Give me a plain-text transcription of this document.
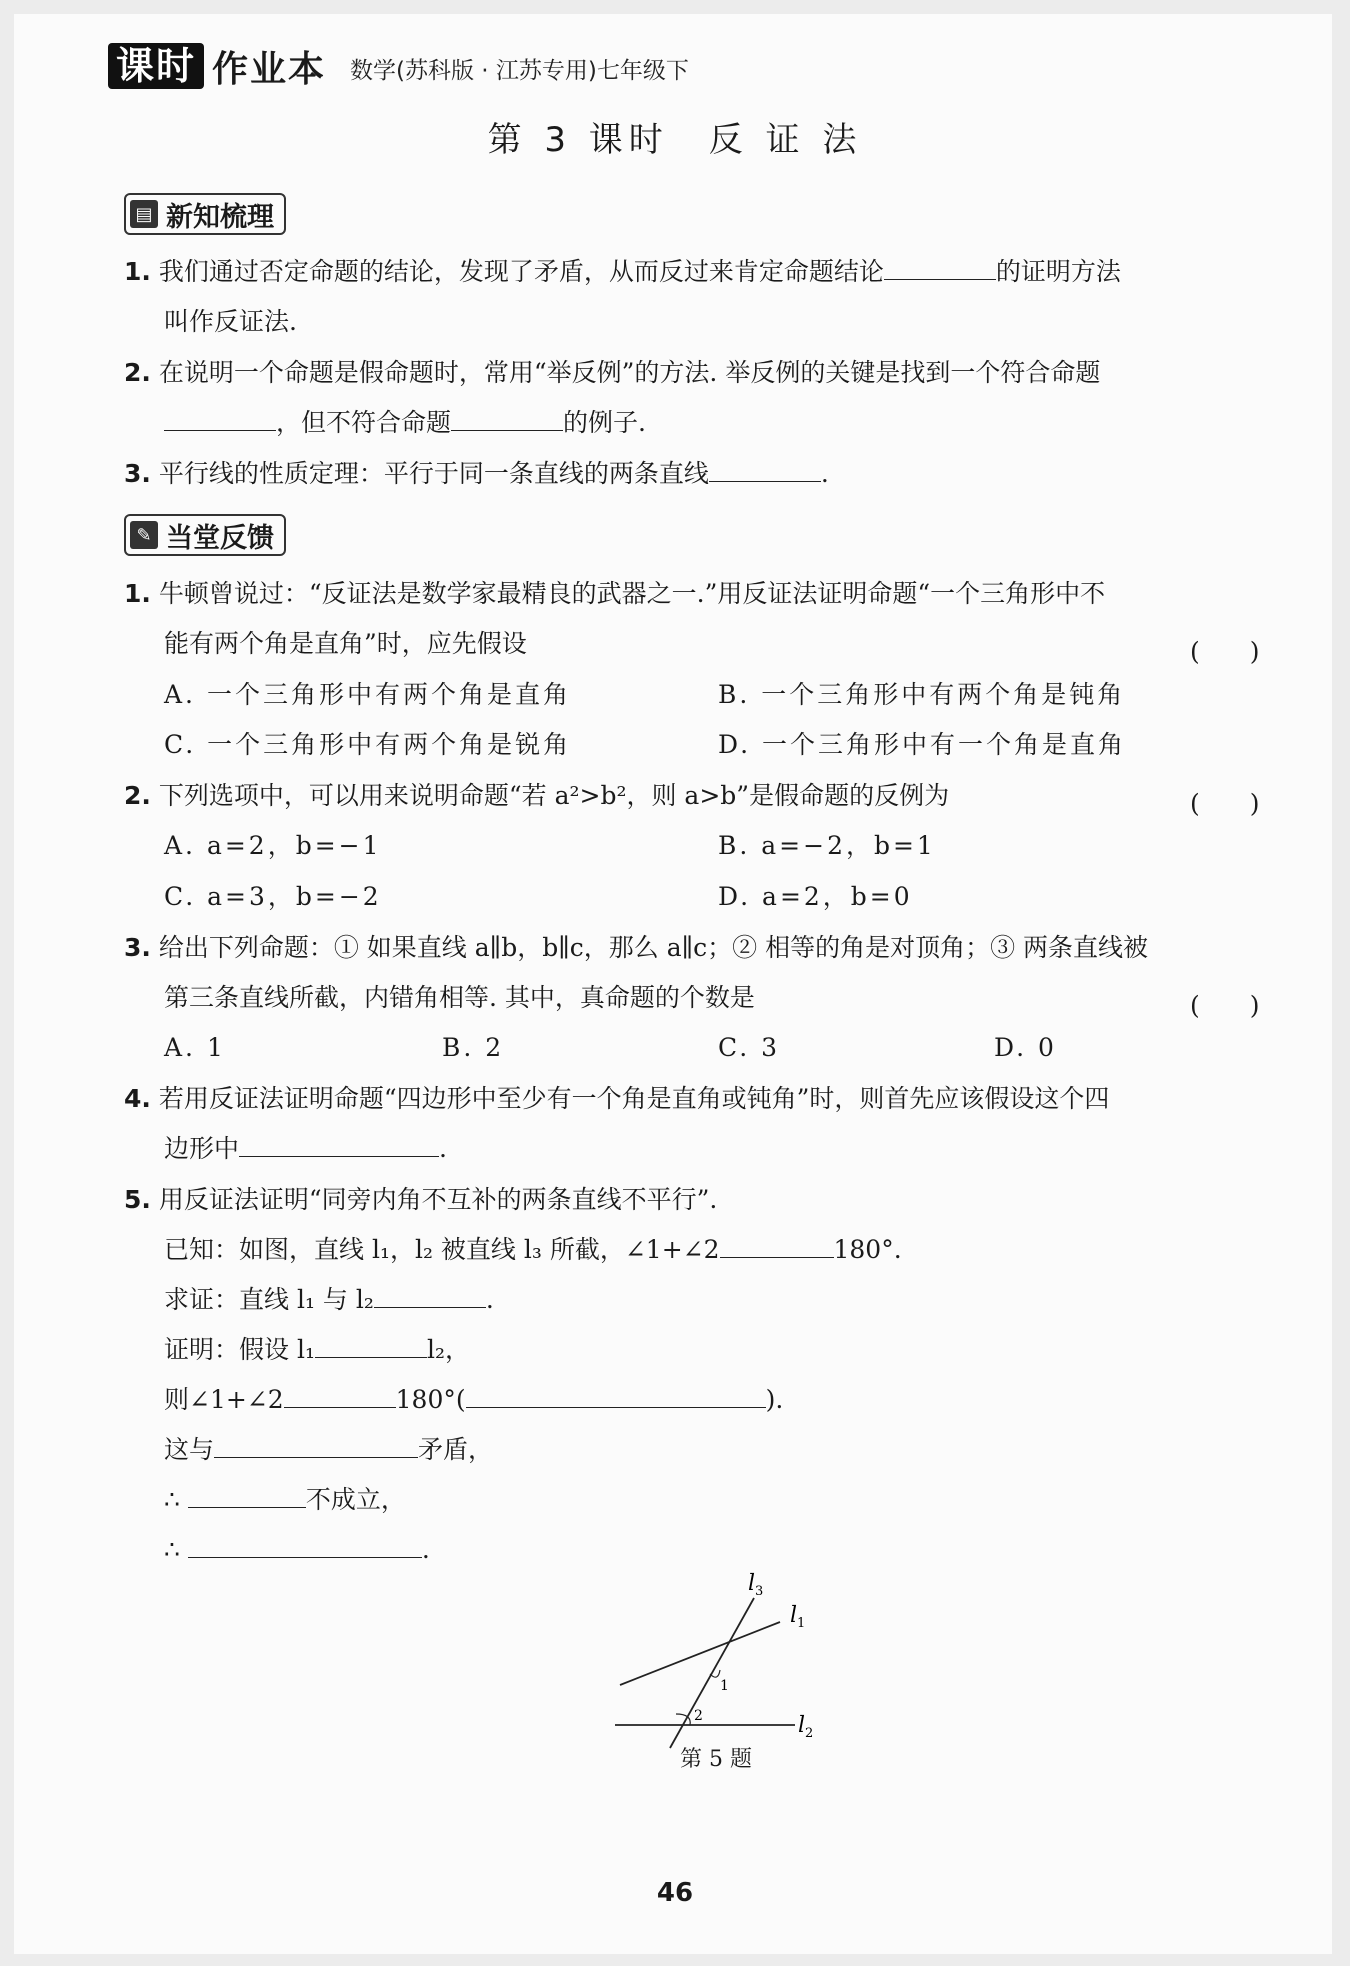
课时 作业本 数学(苏科版 · 江苏专用)七年级下
第 3 课时　反 证 法
▤ 新知梳理
1. 我们通过否定命题的结论，发现了矛盾，从而反过来肯定命题结论	的证明方法
叫作反证法.
2. 在说明一个命题是假命题时，常用“举反例”的方法. 举反例的关键是找到一个符合命题
，但不符合命题	的例子.
3. 平行线的性质定理：平行于同一条直线的两条直线	.
✎ 当堂反馈
1. 牛顿曾说过：“反证法是数学家最精良的武器之一.”用反证法证明命题“一个三角形中不
能有两个角是直角”时，应先假设	(　　)
A. 一个三角形中有两个角是直角	B. 一个三角形中有两个角是钝角
C. 一个三角形中有两个角是锐角	D. 一个三角形中有一个角是直角
2. 下列选项中，可以用来说明命题“若 a²>b²，则 a>b”是假命题的反例为	(　　)
A. a=2，b=−1	B. a=−2，b=1
C. a=3，b=−2	D. a=2，b=0
3. 给出下列命题：① 如果直线 a∥b，b∥c，那么 a∥c；② 相等的角是对顶角；③ 两条直线被
第三条直线所截，内错角相等. 其中，真命题的个数是	(　　)
A. 1	B. 2	C. 3	D. 0
4. 若用反证法证明命题“四边形中至少有一个角是直角或钝角”时，则首先应该假设这个四
边形中	.
5. 用反证法证明“同旁内角不互补的两条直线不平行”.
已知：如图，直线 l₁，l₂ 被直线 l₃ 所截，∠1+∠2	180°.
求证：直线 l₁ 与 l₂	.
证明：假设 l₁	l₂，
则∠1+∠2	180°(	).
这与	矛盾，
∴	不成立，
∴	.
1
2
$l_3$
$l_1$
$l_2$
第 5 题
46
